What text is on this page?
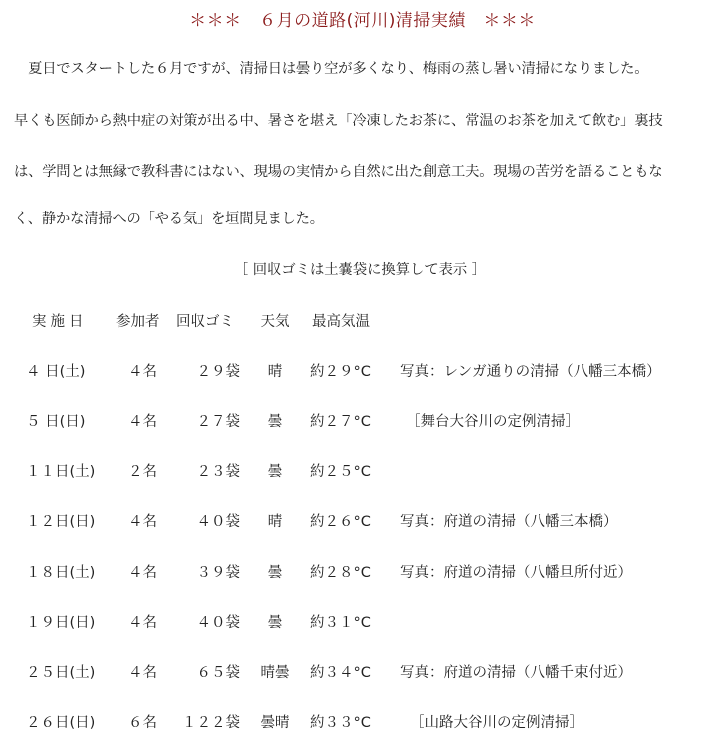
＊＊＊　６月の道路(河川)清掃実績　＊＊＊
　夏日でスタートした６月ですが、清掃日は曇り空が多くなり、梅雨の蒸し暑い清掃になりました。
早くも医師から熱中症の対策が出る中、暑さを堪え「冷凍したお茶に、常温のお茶を加えて飲む」裏技
は、学問とは無縁で教科書にはない、現場の実情から自然に出た創意工夫。現場の苦労を語ることもな
く、静かな清掃への「やる気」を垣間見ました。
［ 回収ゴミは土嚢袋に換算して表示 ］
実施日	参加者	回収ゴミ	天気	最高気温
４ 日(土)	４名	２９袋	晴	約２９°C	写真：レンガ通りの清掃（八幡三本橋）
５ 日(日)	４名	２７袋	曇	約２７°C	［舞台大谷川の定例清掃］
１１日(土)	２名	２３袋	曇	約２５°C
１２日(日)	４名	４０袋	晴	約２６°C	写真：府道の清掃（八幡三本橋）
１８日(土)	４名	３９袋	曇	約２８°C	写真：府道の清掃（八幡旦所付近）
１９日(日)	４名	４０袋	曇	約３１°C
２５日(土)	４名	６５袋	晴曇	約３４°C	写真：府道の清掃（八幡千束付近）
２６日(日)	６名	１２２袋	曇晴	約３３°C	［山路大谷川の定例清掃］
